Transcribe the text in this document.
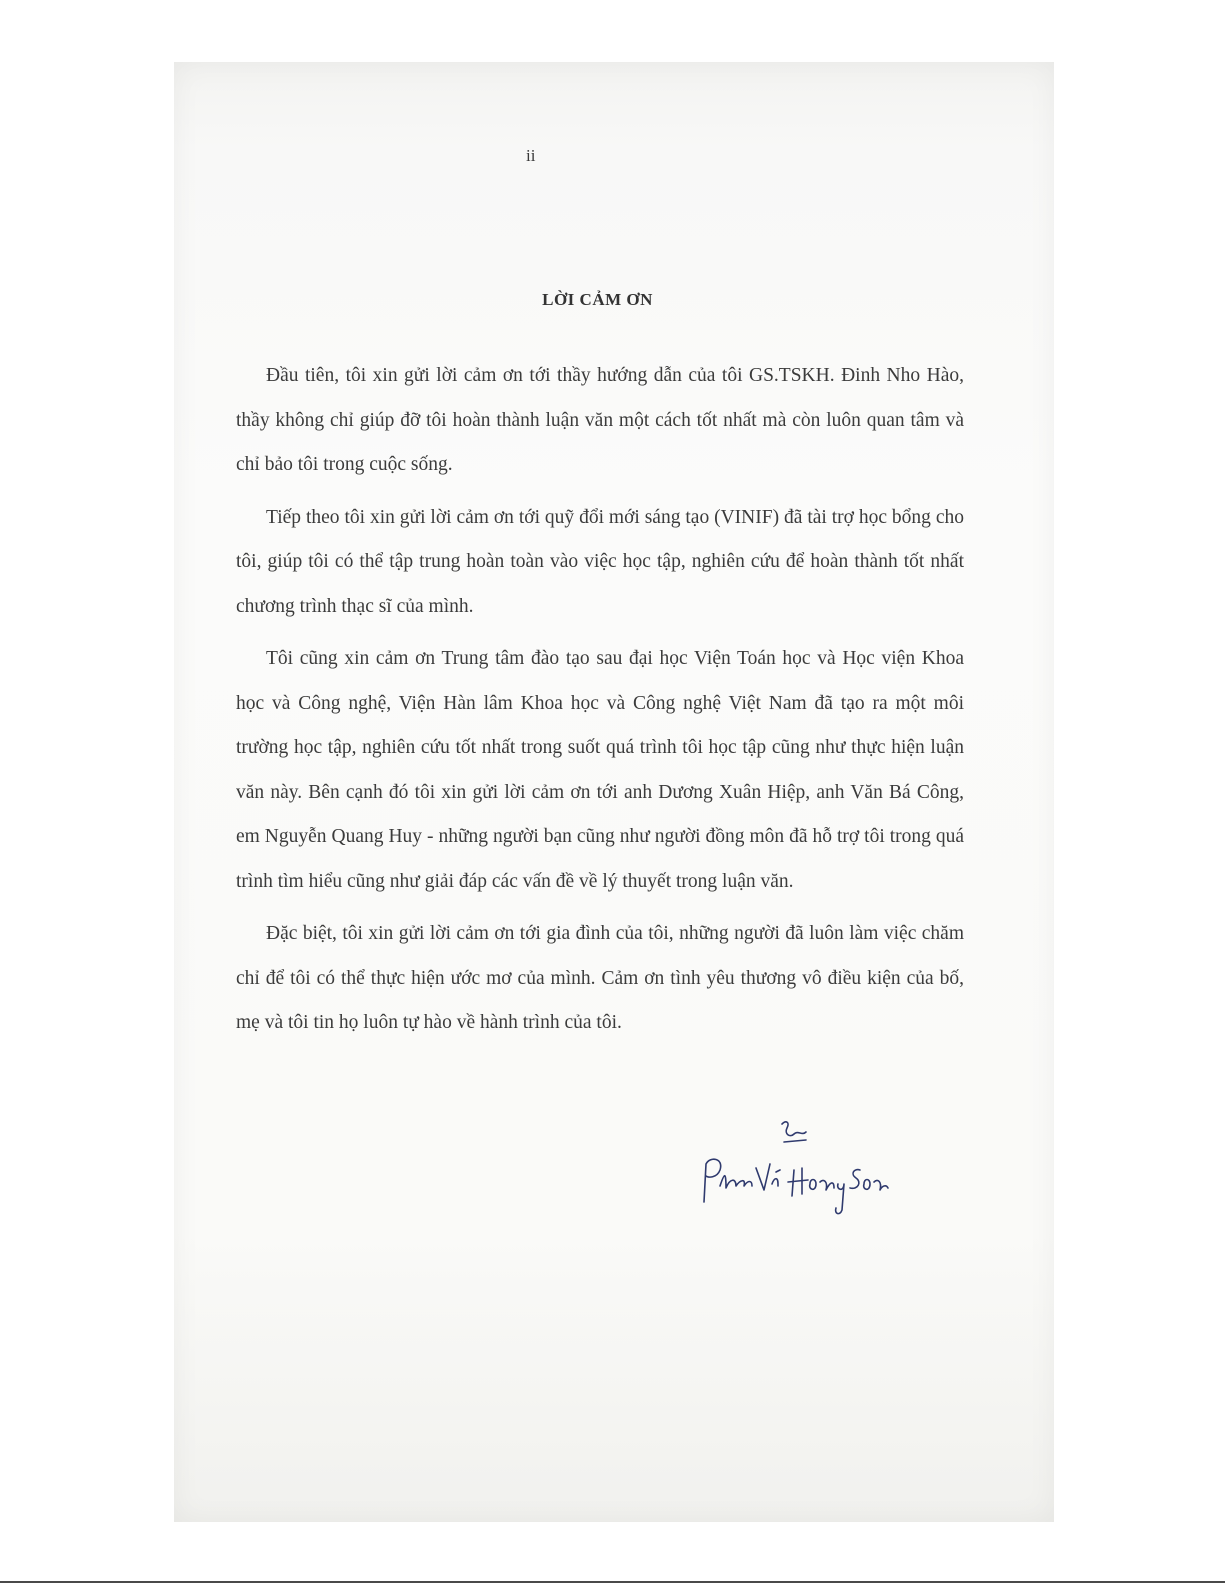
ii
LỜI CẢM ƠN

Đầu tiên, tôi xin gửi lời cảm ơn tới thầy hướng dẫn của tôi GS.TSKH. Đinh Nho Hào, thầy không chỉ giúp đỡ tôi hoàn thành luận văn một cách tốt nhất mà còn luôn quan tâm và chỉ bảo tôi trong cuộc sống.

Tiếp theo tôi xin gửi lời cảm ơn tới quỹ đổi mới sáng tạo (VINIF) đã tài trợ học bổng cho tôi, giúp tôi có thể tập trung hoàn toàn vào việc học tập, nghiên cứu để hoàn thành tốt nhất chương trình thạc sĩ của mình.

Tôi cũng xin cảm ơn Trung tâm đào tạo sau đại học Viện Toán học và Học viện Khoa học và Công nghệ, Viện Hàn lâm Khoa học và Công nghệ Việt Nam đã tạo ra một môi trường học tập, nghiên cứu tốt nhất trong suốt quá trình tôi học tập cũng như thực hiện luận văn này. Bên cạnh đó tôi xin gửi lời cảm ơn tới anh Dương Xuân Hiệp, anh Văn Bá Công, em Nguyễn Quang Huy - những người bạn cũng như người đồng môn đã hỗ trợ tôi trong quá trình tìm hiểu cũng như giải đáp các vấn đề về lý thuyết trong luận văn.

Đặc biệt, tôi xin gửi lời cảm ơn tới gia đình của tôi, những người đã luôn làm việc chăm chỉ để tôi có thể thực hiện ước mơ của mình. Cảm ơn tình yêu thương vô điều kiện của bố, mẹ và tôi tin họ luôn tự hào về hành trình của tôi.
